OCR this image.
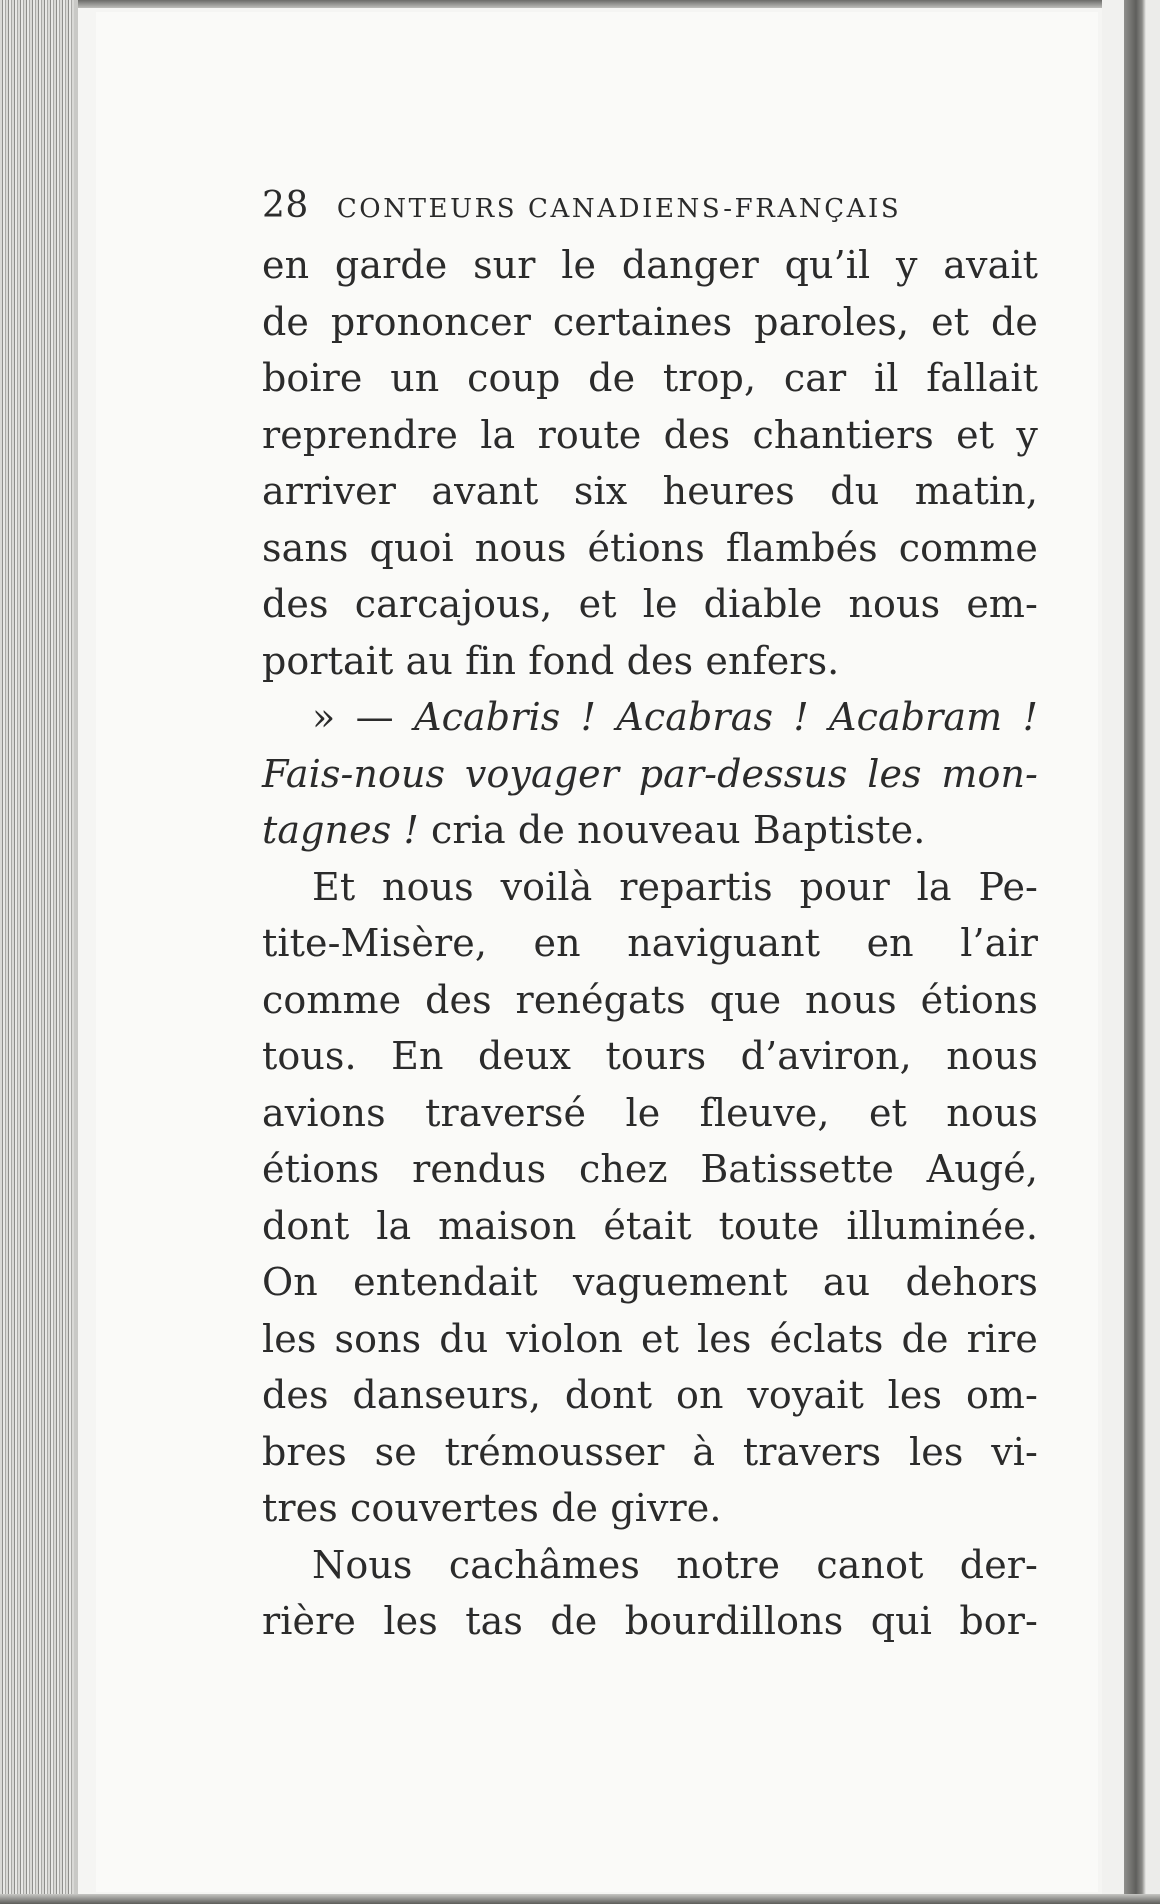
28 CONTEURS CANADIENS-FRANÇAIS
en garde sur le danger qu’il y avait
de prononcer certaines paroles, et de
boire un coup de trop, car il fallait
reprendre la route des chantiers et y
arriver avant six heures du matin,
sans quoi nous étions flambés comme
des carcajous, et le diable nous em-
portait au fin fond des enfers.
» — Acabris ! Acabras ! Acabram !
Fais-nous voyager par-dessus les mon-
tagnes ! cria de nouveau Baptiste.
Et nous voilà repartis pour la Pe-
tite-Misère, en naviguant en l’air
comme des renégats que nous étions
tous. En deux tours d’aviron, nous
avions traversé le fleuve, et nous
étions rendus chez Batissette Augé,
dont la maison était toute illuminée.
On entendait vaguement au dehors
les sons du violon et les éclats de rire
des danseurs, dont on voyait les om-
bres se trémousser à travers les vi-
tres couvertes de givre.
Nous cachâmes notre canot der-
rière les tas de bourdillons qui bor-
